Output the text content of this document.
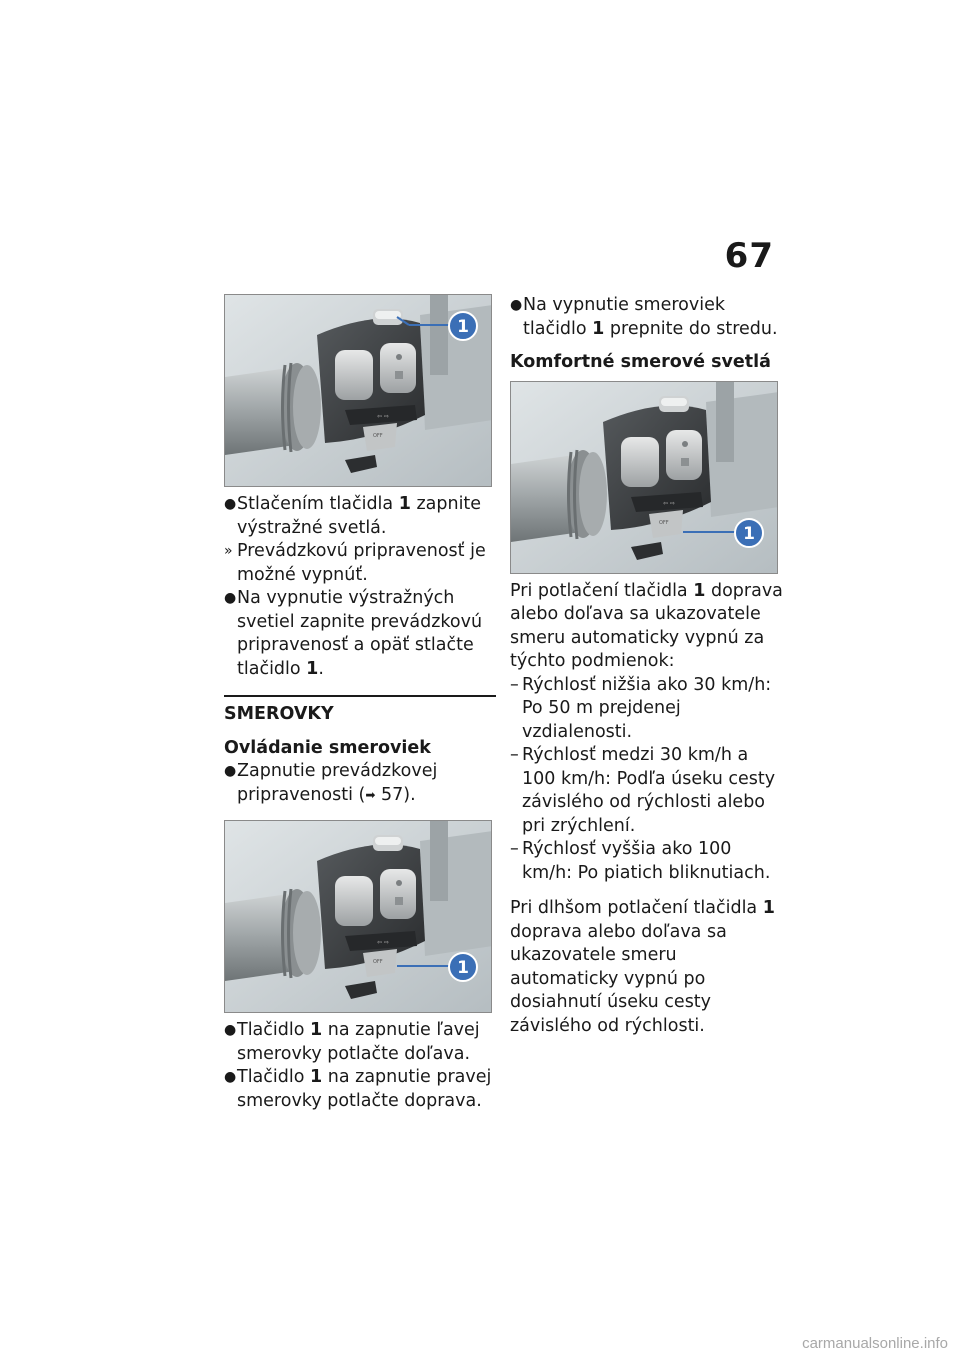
67
1
● Stlačením tlačidla 1 zapnite výstražné svetlá.
» Prevádzkovú pripravenosť je možné vypnúť.
● Na vypnutie výstražných svetiel zapnite prevádzkovú pripravenosť a opäť stlačte tlačidlo 1.
SMEROVKY
Ovládanie smeroviek
● Zapnutie prevádzkovej pripravenosti (➡ 57).
1
● Tlačidlo 1 na zapnutie ľavej smerovky potlačte doľava.
● Tlačidlo 1 na zapnutie pravej smerovky potlačte doprava.
● Na vypnutie smeroviek tlačidlo 1 prepnite do stredu.
Komfortné smerové svetlá
1

Pri potlačení tlačidla 1 doprava alebo doľava sa ukazovatele smeru automaticky vypnú za týchto podmienok:

– Rýchlosť nižšia ako 30 km/h: Po 50 m prejdenej vzdialenosti.
– Rýchlosť medzi 30 km/h a 100 km/h: Podľa úseku cesty závislého od rýchlosti alebo pri zrýchlení.
– Rýchlosť vyššia ako 100 km/h: Po piatich bliknutiach.

Pri dlhšom potlačení tlačidla 1 doprava alebo doľava sa ukazovatele smeru automaticky vypnú po dosiahnutí úseku cesty závislého od rýchlosti.

carmanualsonline.info
